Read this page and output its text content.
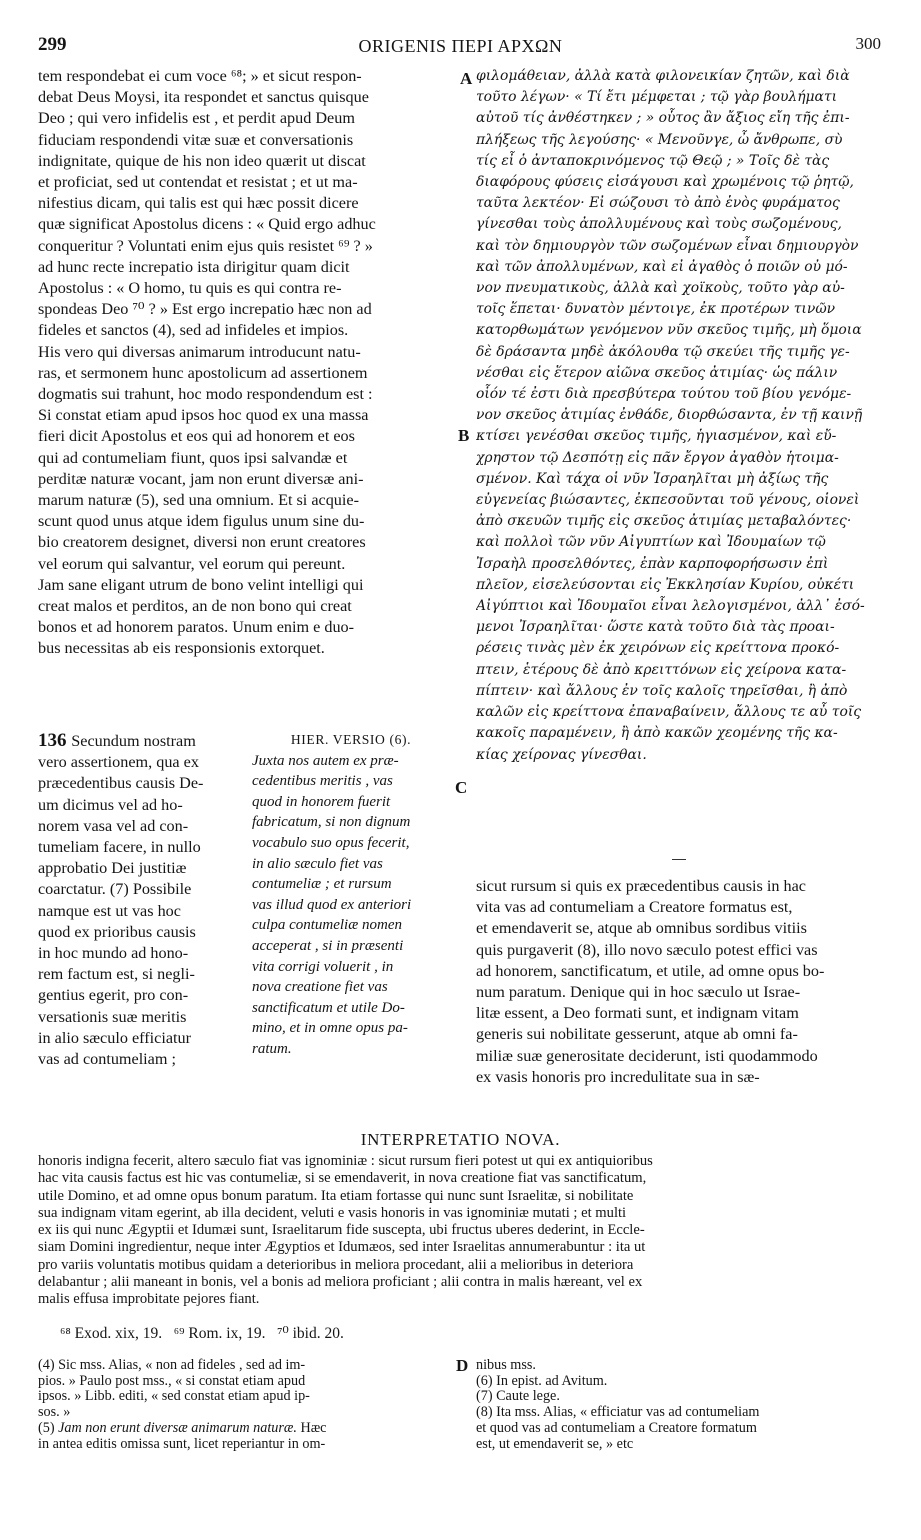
299	ORIGENIS ΠΕΡΙ ΑΡΧΩΝ	300
tem respondebat ei cum voce ⁶⁸; » et sicut respon-
debat Deus Moysi, ita respondet et sanctus quisque
Deo ; qui vero infidelis est , et perdit apud Deum
fiduciam respondendi vitæ suæ et conversationis
indignitate, quique de his non ideo quærit ut discat
et proficiat, sed ut contendat et resistat ; et ut ma-
nifestius dicam, qui talis est qui hæc possit dicere
quæ significat Apostolus dicens : « Quid ergo adhuc
conqueritur ? Voluntati enim ejus quis resistet ⁶⁹ ? »
ad hunc recte increpatio ista dirigitur quam dicit
Apostolus : « O homo, tu quis es qui contra re-
spondeas Deo ⁷⁰ ? » Est ergo increpatio hæc non ad
fideles et sanctos (4), sed ad infideles et impios.
His vero qui diversas animarum introducunt natu-
ras, et sermonem hunc apostolicum ad assertionem
dogmatis sui trahunt, hoc modo respondendum est :
Si constat etiam apud ipsos hoc quod ex una massa
fieri dicit Apostolus et eos qui ad honorem et eos
qui ad contumeliam fiunt, quos ipsi salvandæ et
perditæ naturæ vocant, jam non erunt diversæ ani-
marum naturæ (5), sed una omnium. Et si acquie-
scunt quod unus atque idem figulus unum sine du-
bio creatorem designet, diversi non erunt creatores
vel eorum qui salvantur, vel eorum qui pereunt.
Jam sane eligant utrum de bono velint intelligi qui
creat malos et perditos, an de non bono qui creat
bonos et ad honorem paratos. Unum enim e duo-
bus necessitas ab eis responsionis extorquet.
136 Secundum nostram
vero assertionem, qua ex
præcedentibus causis De-
um dicimus vel ad ho-
norem vasa vel ad con-
tumeliam facere, in nullo
approbatio Dei justitiæ
coarctatur. (7) Possibile
namque est ut vas hoc
quod ex prioribus causis
in hoc mundo ad hono-
rem factum est, si negli-
gentius egerit, pro con-
versationis suæ meritis
in alio sæculo efficiatur
vas ad contumeliam ;
HIER. VERSIO (6).
Juxta nos autem ex præ-
cedentibus meritis , vas
quod in honorem fuerit
fabricatum, si non dignum
vocabulo suo opus fecerit,
in alio sæculo fiet vas
contumeliæ ; et rursum
vas illud quod ex anteriori
culpa contumeliæ nomen
acceperat , si in præsenti
vita corrigi voluerit , in
nova creatione fiet vas
sanctificatum et utile Do-
mino, et in omne opus pa-
ratum.
A
B
C
D
φιλομάθειαν, ἀλλὰ κατὰ φιλονεικίαν ζητῶν, καὶ διὰ
τοῦτο λέγων· « Τί ἔτι μέμφεται ; τῷ γὰρ βουλήματι
αὐτοῦ τίς ἀνθέστηκεν ; » οὗτος ἂν ἄξιος εἴη τῆς ἐπι-
πλήξεως τῆς λεγούσης· « Μενοῦνγε, ὦ ἄνθρωπε, σὺ
τίς εἶ ὁ ἀνταποκρινόμενος τῷ Θεῷ ; » Τοῖς δὲ τὰς
διαφόρους φύσεις εἰσάγουσι καὶ χρωμένοις τῷ ῥητῷ,
ταῦτα λεκτέον· Εἰ σώζουσι τὸ ἀπὸ ἑνὸς φυράματος
γίνεσθαι τοὺς ἀπολλυμένους καὶ τοὺς σωζομένους,
καὶ τὸν δημιουργὸν τῶν σωζομένων εἶναι δημιουργὸν
καὶ τῶν ἀπολλυμένων, καὶ εἰ ἀγαθὸς ὁ ποιῶν οὐ μό-
νον πνευματικοὺς, ἀλλὰ καὶ χοϊκοὺς, τοῦτο γὰρ αὐ-
τοῖς ἕπεται· δυνατὸν μέντοιγε, ἐκ προτέρων τινῶν
κατορθωμάτων γενόμενον νῦν σκεῦος τιμῆς, μὴ ὅμοια
δὲ δράσαντα μηδὲ ἀκόλουθα τῷ σκεύει τῆς τιμῆς γε-
νέσθαι εἰς ἕτερον αἰῶνα σκεῦος ἀτιμίας· ὡς πάλιν
οἷόν τέ ἐστι διὰ πρεσβύτερα τούτου τοῦ βίου γενόμε-
νον σκεῦος ἀτιμίας ἐνθάδε, διορθώσαντα, ἐν τῇ καινῇ
κτίσει γενέσθαι σκεῦος τιμῆς, ἡγιασμένον, καὶ εὔ-
χρηστον τῷ Δεσπότῃ εἰς πᾶν ἔργον ἀγαθὸν ἡτοιμα-
σμένον. Καὶ τάχα οἱ νῦν Ἰσραηλῖται μὴ ἀξίως τῆς
εὐγενείας βιώσαντες, ἐκπεσοῦνται τοῦ γένους, οἱονεὶ
ἀπὸ σκευῶν τιμῆς εἰς σκεῦος ἀτιμίας μεταβαλόντες·
καὶ πολλοὶ τῶν νῦν Αἰγυπτίων καὶ Ἰδουμαίων τῷ
Ἰσραὴλ προσελθόντες, ἐπὰν καρποφορήσωσιν ἐπὶ
πλεῖον, εἰσελεύσονται εἰς Ἐκκλησίαν Κυρίου, οὐκέτι
Αἰγύπτιοι καὶ Ἰδουμαῖοι εἶναι λελογισμένοι, ἀλλ᾽ ἐσό-
μενοι Ἰσραηλῖται· ὥστε κατὰ τοῦτο διὰ τὰς προαι-
ρέσεις τινὰς μὲν ἐκ χειρόνων εἰς κρείττονα προκό-
πτειν, ἑτέρους δὲ ἀπὸ κρειττόνων εἰς χείρονα κατα-
πίπτειν· καὶ ἄλλους ἐν τοῖς καλοῖς τηρεῖσθαι, ἢ ἀπὸ
καλῶν εἰς κρείττονα ἐπαναβαίνειν, ἄλλους τε αὖ τοῖς
κακοῖς παραμένειν, ἢ ἀπὸ κακῶν χεομένης τῆς κα-
κίας χείρονας γίνεσθαι.
sicut rursum si quis ex præcedentibus causis in hac
vita vas ad contumeliam a Creatore formatus est,
et emendaverit se, atque ab omnibus sordibus vitiis
quis purgaverit (8), illo novo sæculo potest effici vas
ad honorem, sanctificatum, et utile, ad omne opus bo-
num paratum. Denique qui in hoc sæculo ut Israe-
litæ essent, a Deo formati sunt, et indignam vitam
generis sui nobilitate gesserunt, atque ab omni fa-
miliæ suæ generositate deciderunt, isti quodammodo
ex vasis honoris pro incredulitate sua in sæ-
INTERPRETATIO NOVA.
honoris indigna fecerit, altero sæculo fiat vas ignominiæ : sicut rursum fieri potest ut qui ex antiquioribus
hac vita causis factus est hic vas contumeliæ, si se emendaverit, in nova creatione fiat vas sanctificatum,
utile Domino, et ad omne opus bonum paratum. Ita etiam fortasse qui nunc sunt Israelitæ, si nobilitate
sua indignam vitam egerint, ab illa decident, veluti e vasis honoris in vas ignominiæ mutati ; et multi
ex iis qui nunc Ægyptii et Idumæi sunt, Israelitarum fide suscepta, ubi fructus uberes dederint, in Eccle-
siam Domini ingredientur, neque inter Ægyptios et Idumæos, sed inter Israelitas annumerabuntur : ita ut
pro variis voluntatis motibus quidam a deterioribus in meliora procedant, alii a melioribus in deteriora
delabantur ; alii maneant in bonis, vel a bonis ad meliora proficiant ; alii contra in malis hæreant, vel ex
malis effusa improbitate pejores fiant.
⁶⁸ Exod. xix, 19.   ⁶⁹ Rom. ix, 19.   ⁷⁰ ibid. 20.
(4) Sic mss. Alias, « non ad fideles , sed ad im-
pios. » Paulo post mss., « si constat etiam apud
ipsos. » Libb. editi, « sed constat etiam apud ip-
sos. »
(5) Jam non erunt diversæ animarum naturæ. Hæc
in antea editis omissa sunt, licet reperiantur in om-
nibus mss.
(6) In epist. ad Avitum.
(7) Caute lege.
(8) Ita mss. Alias, « efficiatur vas ad contumeliam
et quod vas ad contumeliam a Creatore formatum
est, ut emendaverit se, » etc
